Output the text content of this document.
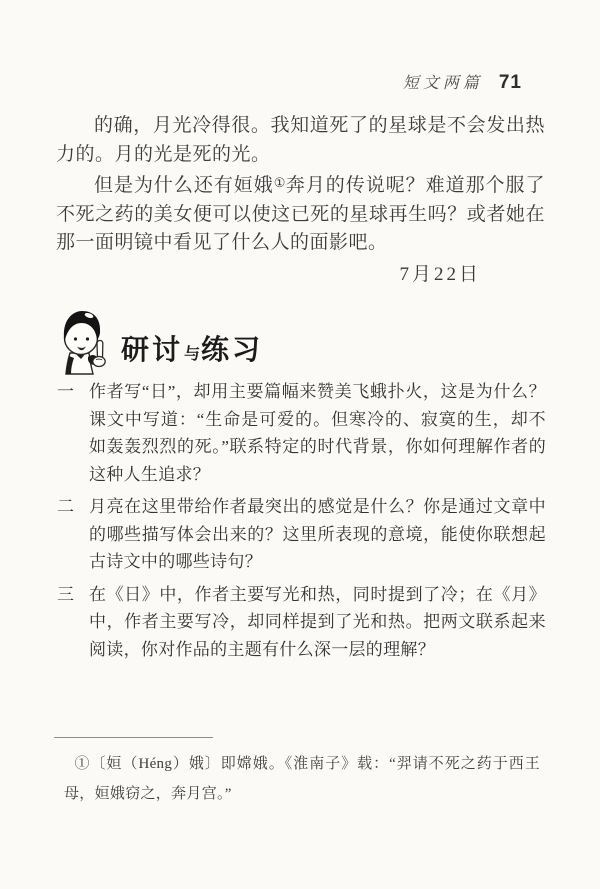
短文两篇 71

的确，月光冷得很。我知道死了的星球是不会发出热力的。月的光是死的光。

但是为什么还有姮娥①奔月的传说呢？难道那个服了不死之药的美女便可以使这已死的星球再生吗？或者她在那一面明镜中看见了什么人的面影吧。

7月22日
研讨与练习
一 作者写“日”，却用主要篇幅来赞美飞蛾扑火，这是为什么？课文中写道：“生命是可爱的。但寒冷的、寂寞的生，却不如轰轰烈烈的死。”联系特定的时代背景，你如何理解作者的这种人生追求？
二 月亮在这里带给作者最突出的感觉是什么？你是通过文章中的哪些描写体会出来的？这里所表现的意境，能使你联想起古诗文中的哪些诗句？
三 在《日》中，作者主要写光和热，同时提到了冷；在《月》中，作者主要写冷，却同样提到了光和热。把两文联系起来阅读，你对作品的主题有什么深一层的理解？
①〔姮（Héng）娥〕即嫦娥。《淮南子》载：“羿请不死之药于西王母，姮娥窃之，奔月宫。”
